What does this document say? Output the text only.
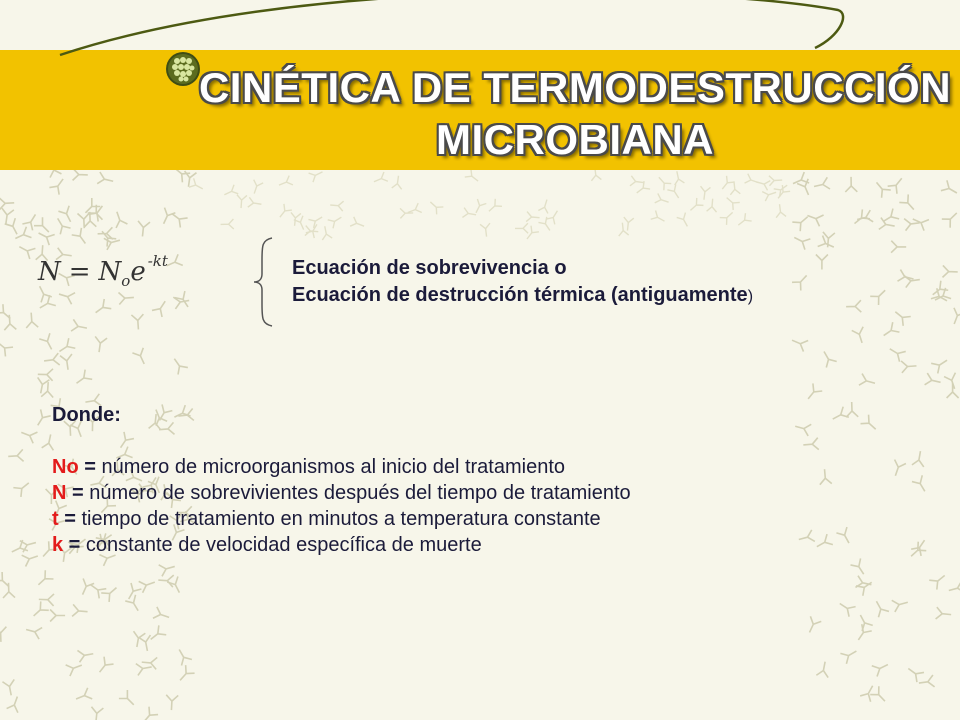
CINÉTICA DE TERMODESTRUCCIÓN
MICROBIANA
$N = N_oe$ $^{-kt}$	Ecuación de sobrevivencia o
Ecuación de destrucción térmica (antiguamente)
Donde:
No = número de microorganismos al inicio del tratamiento
N = número de sobrevivientes después del tiempo de tratamiento
t = tiempo de tratamiento en minutos a temperatura constante
k = constante de velocidad específica de muerte
